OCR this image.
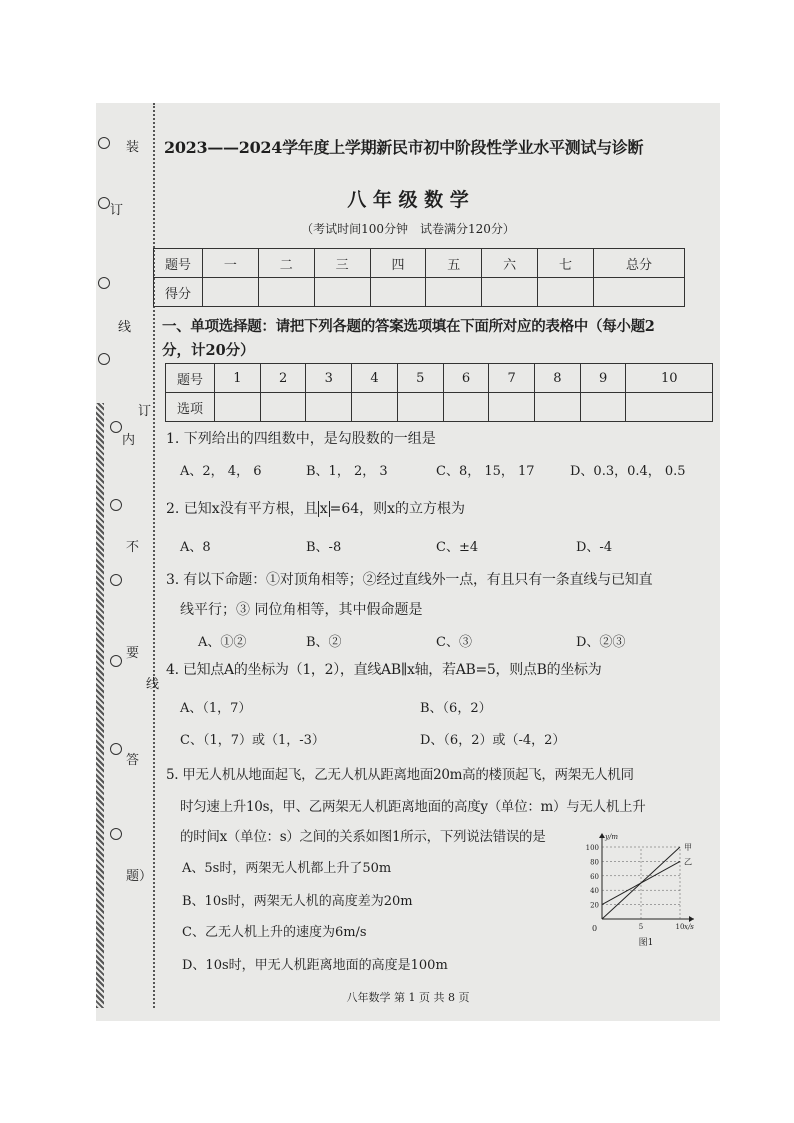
装
订
线
订
内
不
要
线
答
题）
2023——2024学年度上学期新民市初中阶段性学业水平测试与诊断
八 年 级 数 学
（考试时间100分钟　试卷满分120分）
题号	一	二	三	四	五	六	七	总分
得分								
一、单项选择题：请把下列各题的答案选项填在下面所对应的表格中（每小题2
分，计20分）
题号	1	2	3	4	5	6	7	8	9	10
选项										
1. 下列给出的四组数中，是勾股数的一组是
A、2， 4， 6	B、1， 2， 3	C、8， 15， 17	D、0.3，0.4， 0.5
2. 已知x没有平方根，且 x =64，则x的立方根为
A、8	B、-8	C、±4	D、-4
3. 有以下命题：①对顶角相等；②经过直线外一点，有且只有一条直线与已知直
线平行；③ 同位角相等，其中假命题是
A、①②	B、②	C、③	D、②③
4. 已知点A的坐标为（1，2），直线AB∥x轴，若AB=5，则点B的坐标为
A、（1，7）	B、（6，2）
C、（1，7）或（1，-3）	D、（6，2）或（-4，2）
5. 甲无人机从地面起飞，乙无人机从距离地面20m高的楼顶起飞，两架无人机同
时匀速上升10s，甲、乙两架无人机距离地面的高度y（单位：m）与无人机上升
的时间x（单位：s）之间的关系如图1所示，下列说法错误的是
A、5s时，两架无人机都上升了50m
B、10s时，两架无人机的高度差为20m
C、乙无人机上升的速度为6m/s
D、10s时，甲无人机距离地面的高度是100m
20
40
60
80
100
5	10
甲
乙
y/m
x/s
0
图1
八年数学 第 1 页 共 8 页
